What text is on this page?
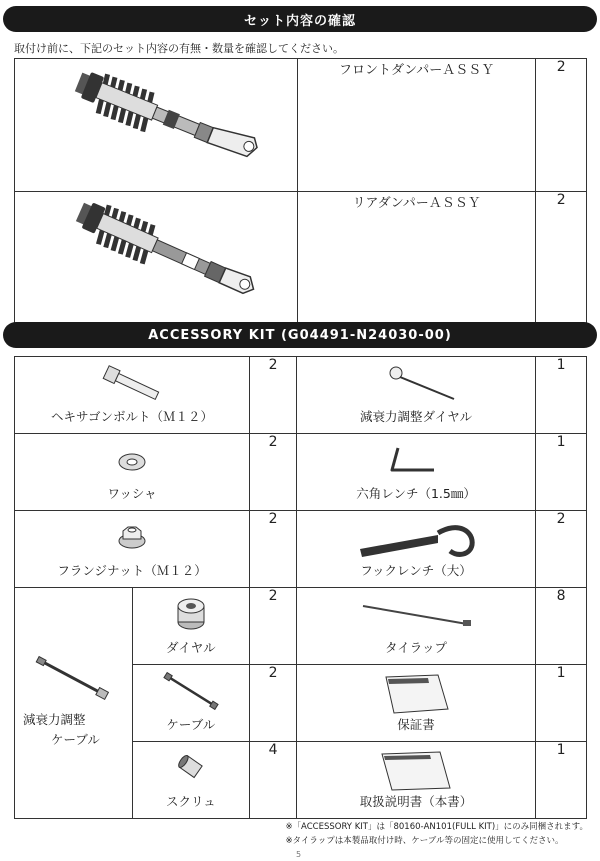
セット内容の確認
取付け前に、下記のセット内容の有無・数量を確認してください。

フロントダンパーＡＳＳＹ	2

リアダンパーＡＳＳＹ	2
ACCESSORY KIT (G04491-N24030-00)
ヘキサゴンボルト（Ｍ１２）		2	減衰力調整ダイヤル	1

ワッシャ		2	六角レンチ（1.5㎜）	1

フランジナット（Ｍ１２）		2	フックレンチ（大）	2

減衰力調整
ケーブル	ダイヤル	2	タイラップ	8

	ケーブル	2	保証書	1

	スクリュ	4	取扱説明書（本書）	1
※「ACCESSORY KIT」は「80160-AN101(FULL KIT)」にのみ同梱されます。
※タイラップは本製品取付け時、ケーブル等の固定に使用してください。
5
